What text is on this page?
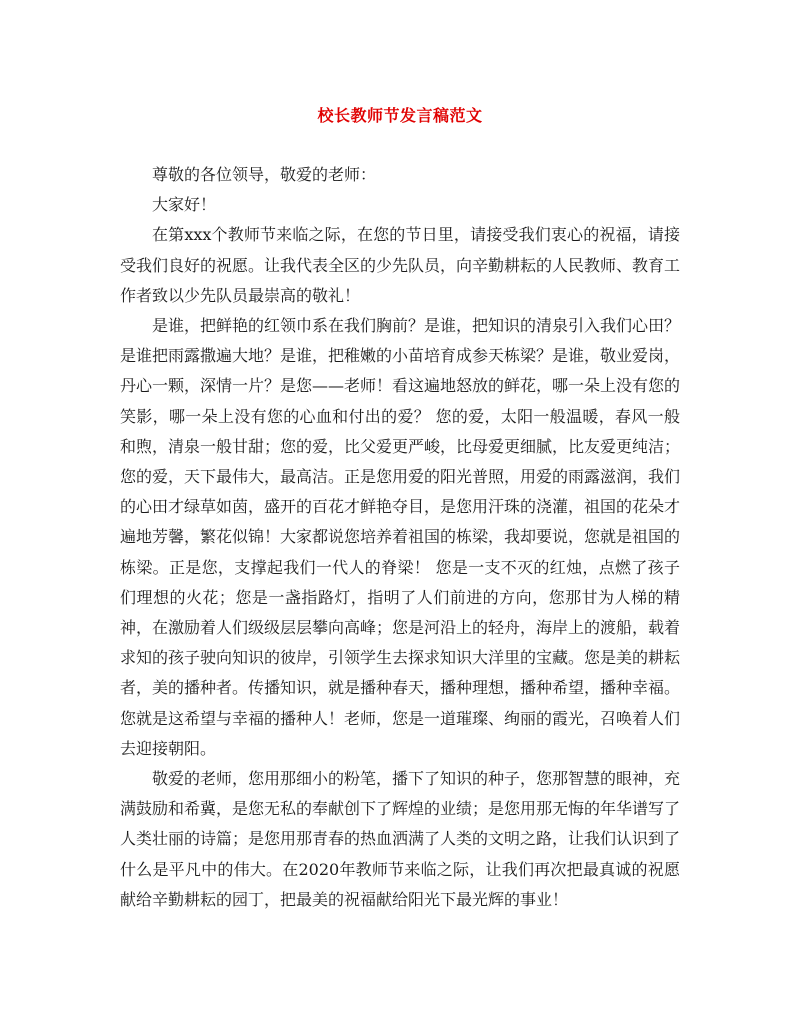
校长教师节发言稿范文

尊敬的各位领导，敬爱的老师：

大家好！

在第xxx个教师节来临之际，在您的节日里，请接受我们衷心的祝福，请接受我们良好的祝愿。让我代表全区的少先队员，向辛勤耕耘的人民教师、教育工作者致以少先队员最崇高的敬礼！

是谁，把鲜艳的红领巾系在我们胸前？是谁，把知识的清泉引入我们心田？是谁把雨露撒遍大地？是谁，把稚嫩的小苗培育成参天栋梁？是谁，敬业爱岗，丹心一颗，深情一片？是您——老师！看这遍地怒放的鲜花，哪一朵上没有您的笑影，哪一朵上没有您的心血和付出的爱？ 您的爱，太阳一般温暖，春风一般和煦，清泉一般甘甜；您的爱，比父爱更严峻，比母爱更细腻，比友爱更纯洁；您的爱，天下最伟大，最高洁。正是您用爱的阳光普照，用爱的雨露滋润，我们的心田才绿草如茵，盛开的百花才鲜艳夺目，是您用汗珠的浇灌，祖国的花朵才遍地芳馨，繁花似锦！大家都说您培养着祖国的栋梁，我却要说，您就是祖国的栋梁。正是您，支撑起我们一代人的脊梁！ 您是一支不灭的红烛，点燃了孩子们理想的火花；您是一盏指路灯，指明了人们前进的方向，您那甘为人梯的精神，在激励着人们级级层层攀向高峰；您是河沿上的轻舟，海岸上的渡船，载着求知的孩子驶向知识的彼岸，引领学生去探求知识大洋里的宝藏。您是美的耕耘者，美的播种者。传播知识，就是播种春天，播种理想，播种希望，播种幸福。您就是这希望与幸福的播种人！老师，您是一道璀璨、绚丽的霞光，召唤着人们去迎接朝阳。

敬爱的老师，您用那细小的粉笔，播下了知识的种子，您那智慧的眼神，充满鼓励和希冀，是您无私的奉献创下了辉煌的业绩；是您用那无悔的年华谱写了人类壮丽的诗篇；是您用那青春的热血洒满了人类的文明之路，让我们认识到了什么是平凡中的伟大。在2020年教师节来临之际，让我们再次把最真诚的祝愿献给辛勤耕耘的园丁，把最美的祝福献给阳光下最光辉的事业！
